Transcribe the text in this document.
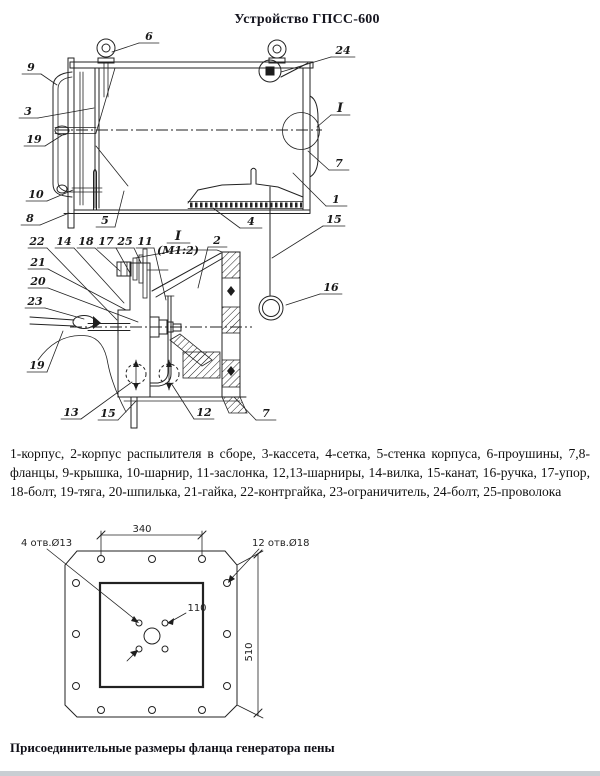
Устройство ГПСС-600
6
24
9
3
19
10
8	5	4
I
7
1
15
16
22 14 18 17 25 11 I
(М1:2)
2
21
20
23
19
13 15	12	7
340
510
110
4 отв.Ø13	12 отв.Ø18
1-корпус, 2-корпус распылителя в сборе, 3-кассета, 4-сетка, 5-стенка корпуса, 6-проушины, 7,8-фланцы, 9-крышка, 10-шарнир, 11-заслонка, 12,13-шарниры, 14-вилка, 15-канат, 16-ручка, 17-упор, 18-болт, 19-тяга, 20-шпилька, 21-гайка, 22-контргайка, 23-ограничитель, 24-болт, 25-проволока
Присоединительные размеры фланца генератора пены
